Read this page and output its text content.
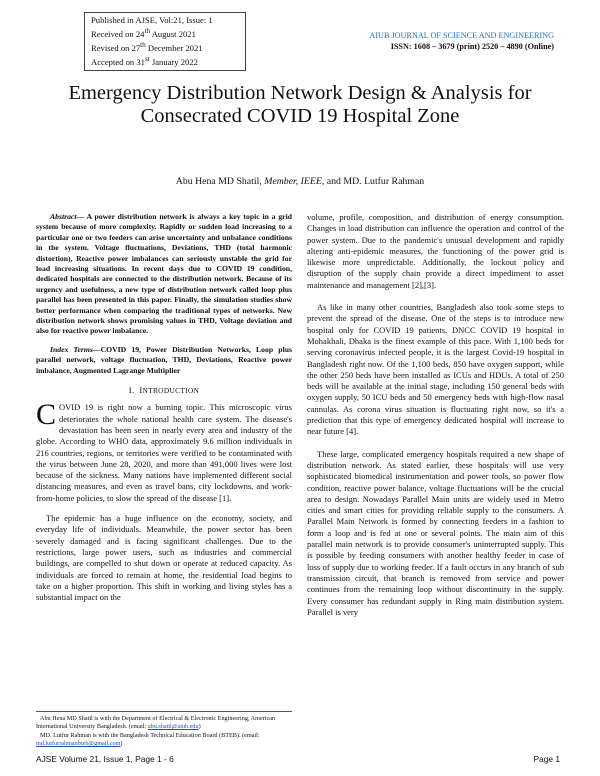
Published in AJSE, Vol:21, Issue: 1
Received on 24th August 2021
Revised on 27th December 2021
Accepted on 31st January 2022
AIUB JOURNAL OF SCIENCE AND ENGINEERING
ISSN: 1608 – 3679 (print) 2520 – 4890 (Online)
Emergency Distribution Network Design & Analysis for Consecrated COVID 19 Hospital Zone
Abu Hena MD Shatil, Member, IEEE, and MD. Lutfur Rahman

Abstract— A power distribution network is always a key topic in a grid system because of more complexity. Rapidly or sudden load increasing to a particular one or two feeders can arise uncertainty and unbalance conditions in the system. Voltage fluctuations, Deviations, THD (total harmonic distortion), Reactive power imbalances can seriously unstable the grid for load increasing situations. In recent days due to COVID 19 condition, dedicated hospitals are connected to the distribution network. Because of its urgency and usefulness, a new type of distribution network called loop plus parallel has been presented in this paper. Finally, the simulation studies show better performance when comparing the traditional types of networks. New distribution network shows promising values in THD, Voltage deviation and also for reactive power imbalance.

Index Terms—COVID 19, Power Distribution Networks, Loop plus parallel network, voltage fluctuation, THD, Deviations, Reactive power imbalance, Augmented Lagrange Multiplier

I. INTRODUCTION

COVID 19 is right now a burning topic. This microscopic virus deteriorates the whole national health care system. The disease's devastation has been seen in nearly every area and industry of the globe. According to WHO data, approximately 9.6 million individuals in 216 countries, regions, or territories were verified to be contaminated with the virus between June 28, 2020, and more than 491,000 lives were lost because of the sickness. Many nations have implemented different social distancing measures, and even as travel bans, city lockdowns, and work-from-home policies, to slow the spread of the disease [1].

The epidemic has a huge influence on the economy, society, and everyday life of individuals. Meanwhile, the power sector has been severely damaged and is facing significant challenges. Due to the restrictions, large power users, such as industries and commercial buildings, are compelled to shut down or operate at reduced capacity. As individuals are forced to remain at home, the residential load begins to take on a higher proportion. This shift in working and living styles has a substantial impact on the

volume, profile, composition, and distribution of energy consumption. Changes in load distribution can influence the operation and control of the power system. Due to the pandemic's unusual development and rapidly altering anti-epidemic measures, the functioning of the power grid is likewise more unpredictable. Additionally, the lockout policy and disruption of the supply chain provide a direct impediment to asset maintenance and management [2],[3].

As like in many other countries, Bangladesh also took some steps to prevent the spread of the disease. One of the steps is to introduce new hospital only for COVID 19 patients. DNCC COVID 19 hospital in Mohakhali, Dhaka is the finest example of this pace. With 1,100 beds for serving coronavirus infected people, it is the largest Covid-19 hospital in Bangladesh right now. Of the 1,100 beds, 850 have oxygen support, while the other 250 beds have been installed as ICUs and HDUs. A total of 250 beds will be available at the initial stage, including 150 general beds with oxygen supply, 50 ICU beds and 50 emergency beds with high-flow nasal cannulas. As corona virus situation is fluctuating right now, so it's a prediction that this type of emergency dedicated hospital will increase to near future [4].

These large, complicated emergency hospitals required a new shape of distribution network. As stated earlier, these hospitals will use very sophisticated biomedical instrumentation and power tools, so power flow condition, reactive power balance, voltage fluctuations will be the crucial area to design. Nowadays Parallel Main units are widely used in Metro cities and smart cities for providing reliable supply to the consumers. A Parallel Main Network is formed by connecting feeders in a fashion to form a loop and is fed at one or several points. The main aim of this parallel main network is to provide consumer's uninterrupted supply. This is possible by feeding consumers with another healthy feeder in case of loss of supply due to working feeder. If a fault occurs in any branch of sub transmission circuit, that branch is removed from service and power continues from the remaining loop without discontinuity in the supply. Every consumer has redundant supply in Ring main distribution system. Parallel is very

Abu Hena MD Shatil is with the Department of Electrical & Electronic Engineering, American International University Bangladesh. (email: abu.shatil@aiub.edu)

MD. Lutfur Rahman is with the Bangladesh Technical Education Board (BTEB). (email: md.lutfurrahmanbteb@gmail.com)

AJSE Volume 21, Issue 1, Page 1 - 6	Page 1
